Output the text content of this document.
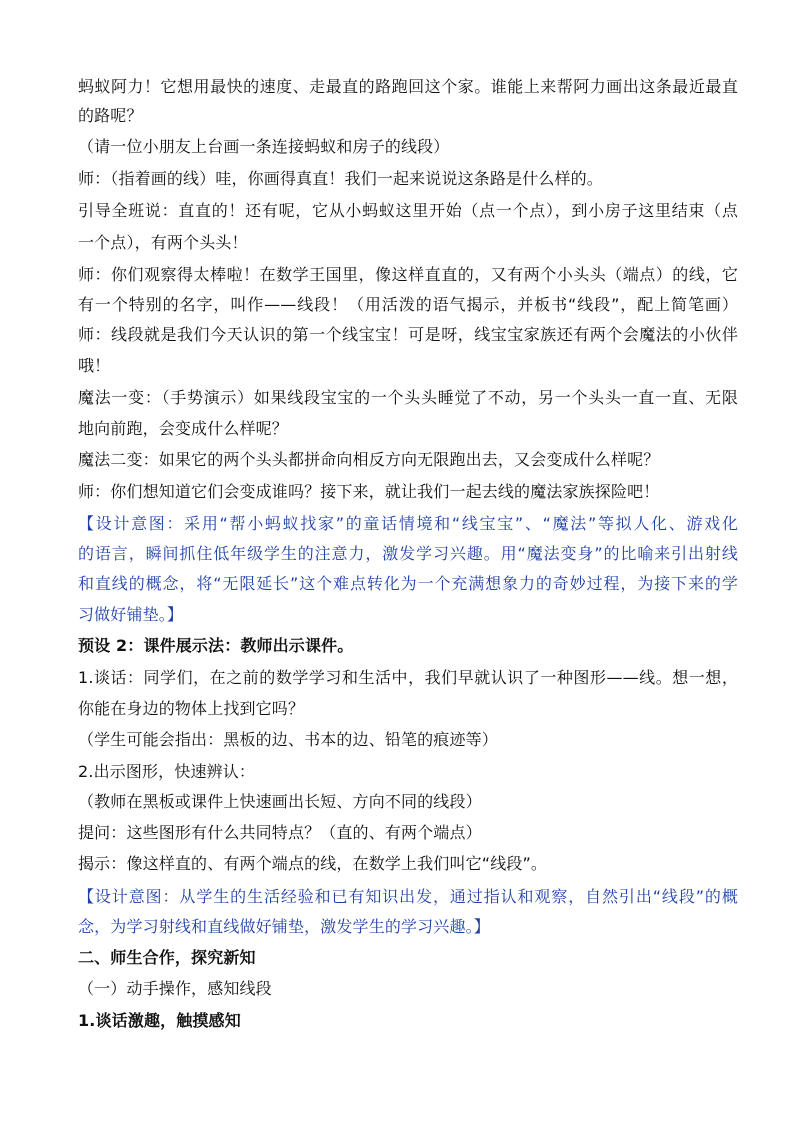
蚂蚁阿力！它想用最快的速度、走最直的路跑回这个家。谁能上来帮阿力画出这条最近最直
的路呢？
（请一位小朋友上台画一条连接蚂蚁和房子的线段）
师：（指着画的线）哇，你画得真直！我们一起来说说这条路是什么样的。
引导全班说：直直的！还有呢，它从小蚂蚁这里开始（点一个点），到小房子这里结束（点
一个点），有两个头头！
师：你们观察得太棒啦！在数学王国里，像这样直直的，又有两个小头头（端点）的线，它
有一个特别的名字，叫作——线段！（用活泼的语气揭示，并板书“线段”，配上简笔画）
师：线段就是我们今天认识的第一个线宝宝！可是呀，线宝宝家族还有两个会魔法的小伙伴
哦！
魔法一变：（手势演示）如果线段宝宝的一个头头睡觉了不动，另一个头头一直一直、无限
地向前跑，会变成什么样呢？
魔法二变：如果它的两个头头都拼命向相反方向无限跑出去，又会变成什么样呢？
师：你们想知道它们会变成谁吗？接下来，就让我们一起去线的魔法家族探险吧！
【设计意图：采用“帮小蚂蚁找家”的童话情境和“线宝宝”、“魔法”等拟人化、游戏化
的语言，瞬间抓住低年级学生的注意力，激发学习兴趣。用“魔法变身”的比喻来引出射线
和直线的概念，将“无限延长”这个难点转化为一个充满想象力的奇妙过程，为接下来的学
习做好铺垫。】
预设 2：课件展示法：教师出示课件。
1.谈话：同学们，在之前的数学学习和生活中，我们早就认识了一种图形——线。想一想，
你能在身边的物体上找到它吗？
（学生可能会指出：黑板的边、书本的边、铅笔的痕迹等）
2.出示图形，快速辨认：
（教师在黑板或课件上快速画出长短、方向不同的线段）
提问：这些图形有什么共同特点？（直的、有两个端点）
揭示：像这样直的、有两个端点的线，在数学上我们叫它“线段”。
【设计意图：从学生的生活经验和已有知识出发，通过指认和观察，自然引出“线段”的概
念，为学习射线和直线做好铺垫，激发学生的学习兴趣。】
二、师生合作，探究新知
（一）动手操作，感知线段
1.谈话激趣，触摸感知
